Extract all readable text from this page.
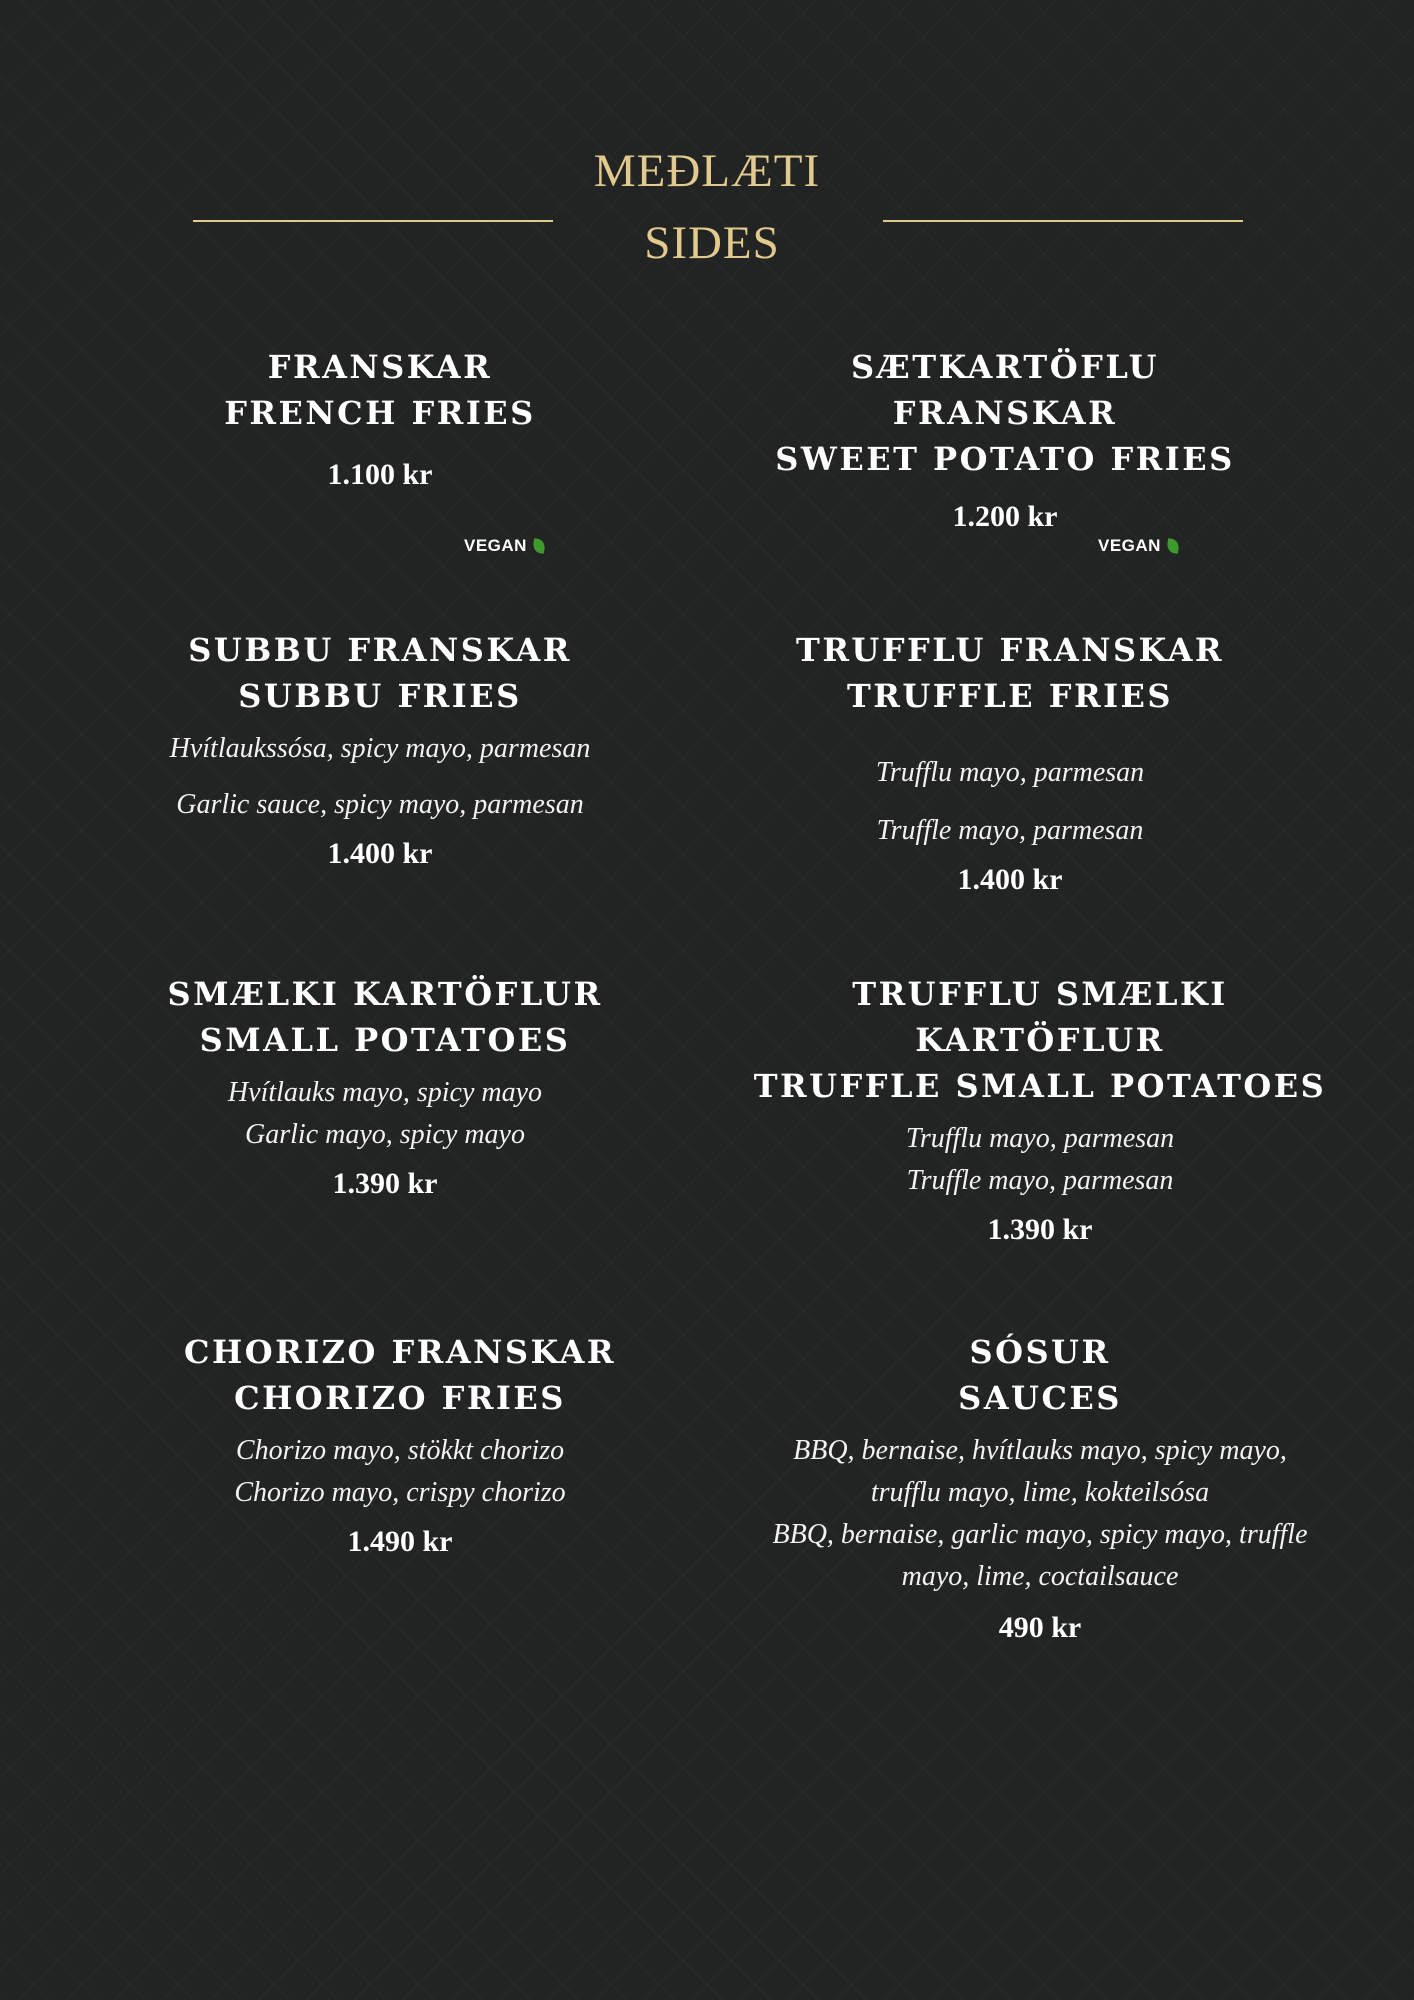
MEÐLÆTI
SIDES
FRANSKAR
FRENCH FRIES
1.100 kr
VEGAN
SÆTKARTÖFLU FRANSKAR
SWEET POTATO FRIES
1.200 kr
VEGAN
SUBBU FRANSKAR
SUBBU FRIES
Hvítlaukssósa, spicy mayo, parmesan
Garlic sauce, spicy mayo, parmesan
1.400 kr
TRUFFLU FRANSKAR
TRUFFLE FRIES
Trufflu mayo, parmesan
Truffle mayo, parmesan
1.400 kr
SMÆLKI KARTÖFLUR
SMALL POTATOES
Hvítlauks mayo, spicy mayo
Garlic mayo, spicy mayo
1.390 kr
TRUFFLU SMÆLKI KARTÖFLUR
TRUFFLE SMALL POTATOES
Trufflu mayo, parmesan
Truffle mayo, parmesan
1.390 kr
CHORIZO FRANSKAR
CHORIZO FRIES
Chorizo mayo, stökkt chorizo
Chorizo mayo, crispy chorizo
1.490 kr
SÓSUR
SAUCES
BBQ, bernaise, hvítlauks mayo, spicy mayo,
trufflu mayo, lime, kokteilsósa
BBQ, bernaise, garlic mayo, spicy mayo, truffle
mayo, lime, coctailsauce
490 kr
